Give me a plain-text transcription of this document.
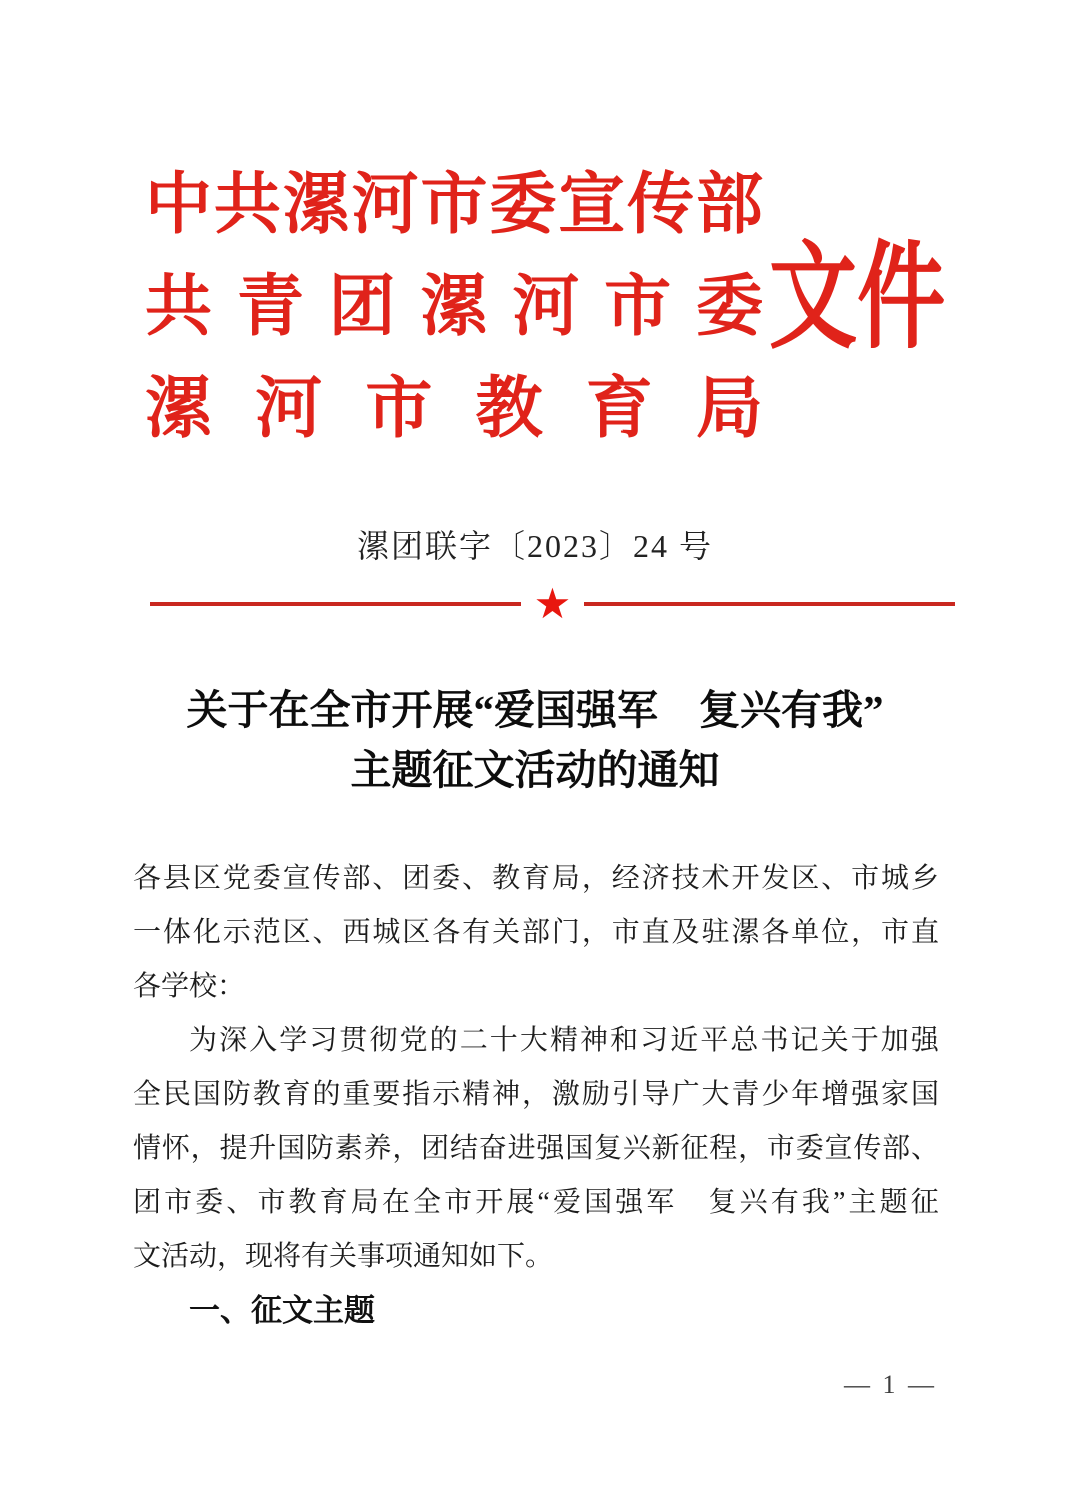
中 共 漯 河 市 委 宣 传 部
共 青 团 漯 河 市 委
漯 河 市 教 育 局
文件
漯团联字〔2023〕24 号
★
关于在全市开展“爱国强军　复兴有我”
主题征文活动的通知
各 县 区 党 委 宣 传 部 、 团 委 、 教 育 局 ， 经 济 技 术 开 发 区 、 市 城 乡
一 体 化 示 范 区 、 西 城 区 各 有 关 部 门 ， 市 直 及 驻 漯 各 单 位 ， 市 直
各学校：
为 深 入 学 习 贯 彻 党 的 二 十 大 精 神 和 习 近 平 总 书 记 关 于 加 强
全 民 国 防 教 育 的 重 要 指 示 精 神 ， 激 励 引 导 广 大 青 少 年 增 强 家 国
情 怀 ， 提 升 国 防 素 养 ， 团 结 奋 进 强 国 复 兴 新 征 程 ， 市 委 宣 传 部 、
团 市 委 、 市 教 育 局 在 全 市 开 展 “ 爱 国 强 军
　 复 兴 有 我 ” 主 题 征
文活动，现将有关事项通知如下。
一、征文主题
— 1 —
